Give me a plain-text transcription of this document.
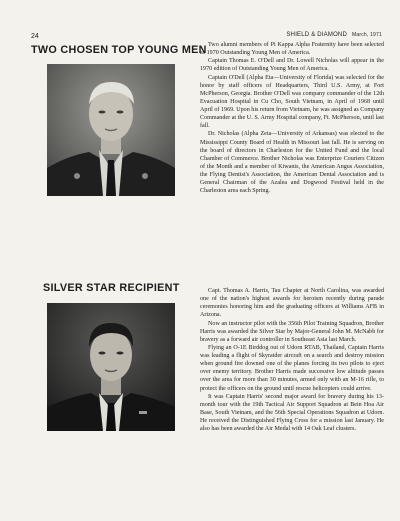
24	SHIELD & DIAMOND March, 1971
TWO CHOSEN TOP YOUNG MEN Two alumni members of Pi Kappa Alpha Fraternity have been selected as 1970 Outstanding Young Men of America.

Captain Thomas E. O'Dell and Dr. Lowell Nicholas will appear in the 1970 edition of Outstanding Young Men of America.

Captain O'Dell (Alpha Eta—University of Florida) was selected for the honor by staff officers of Headquarters, Third U.S. Army, at Fort McPherson, Georgia. Brother O'Dell was company commander of the 12th Evacuation Hospital in Cu Cho, South Vietnam, in April of 1968 until April of 1969. Upon his return from Vietnam, he was assigned as Company Commander at the U. S. Army Hospital company, Ft. McPherson, until last fall.

Dr. Nicholas (Alpha Zeta—University of Arkansas) was elected to the Mississippi County Board of Health in Missouri last fall. He is serving on the board of directors in Charleston for the United Fund and the local Chamber of Commerce. Brother Nicholas was Enterprize Couriers Citizen of the Month and a member of Kiwanis, the American Angus Association, the Flying Dentist's Association, the American Dental Association and is General Chairman of the Azalea and Dogwood Festival held in the Charleston area each Spring.

SILVER STAR RECIPIENT	Capt. Thomas A. Harris, Tau Chapter at North Carolina, was awarded one of the nation's highest awards for heroism recently during parade ceremonies honoring him and the graduating officers at Williams AFB in Arizona.

Now an instructor pilot with the 356th Pilot Training Squadron, Brother Harris was awarded the Silver Star by Major-General John M. McNabb for bravery as a forward air controller in Southeast Asia last March.

Flying an O-1E Birddog out of Udorn RTAB, Thailand, Captain Harris was leading a flight of Skyraider aircraft on a search and destroy mission when ground fire downed one of the planes forcing its two pilots to eject over enemy territory. Brother Harris made successive low altitude passes over the area for more than 30 minutes, armed only with an M-16 rifle, to protect the officers on the ground until rescue helicopters could arrive.

It was Captain Harris' second major award for bravery during his 13-month tour with the 19th Tactical Air Support Squadron at Bein Hoa Air Base, South Vietnam, and the 56th Special Operations Squadron at Udorn. He received the Distinguished Flying Cross for a mission last January. He also has been awarded the Air Medal with 14 Oak Leaf clusters.
